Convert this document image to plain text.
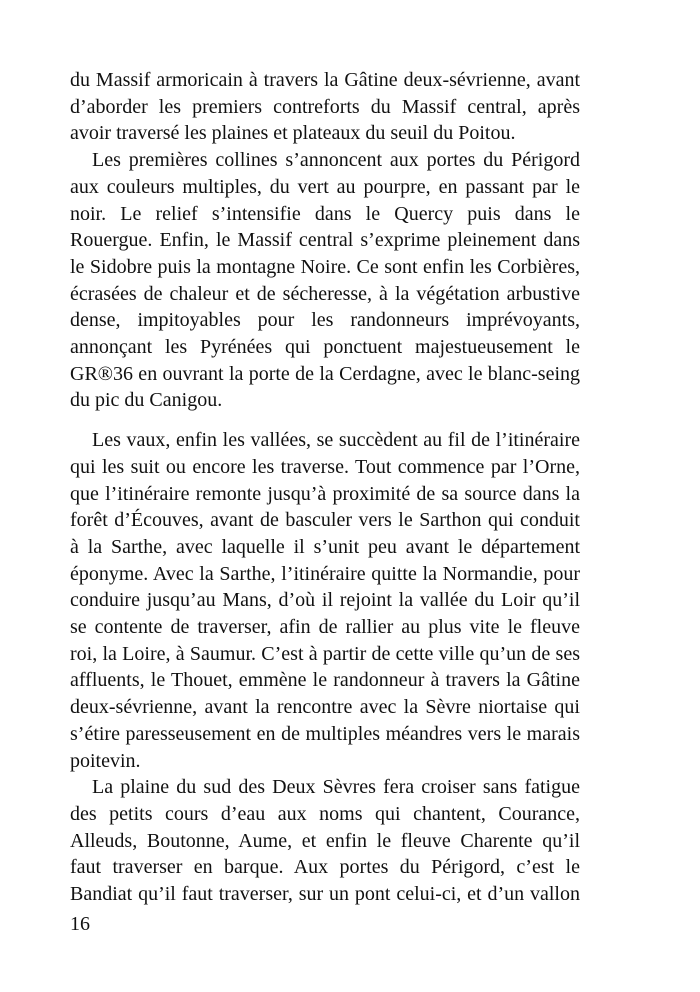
du Massif armoricain à travers la Gâtine deux-sévrienne, avant
d’aborder les premiers contreforts du Massif central, après
avoir traversé les plaines et plateaux du seuil du Poitou.

Les premières collines s’annoncent aux portes du Périgord
aux couleurs multiples, du vert au pourpre, en passant par le
noir. Le relief s’intensifie dans le Quercy puis dans le
Rouergue. Enfin, le Massif central s’exprime pleinement dans
le Sidobre puis la montagne Noire. Ce sont enfin les Corbières,
écrasées de chaleur et de sécheresse, à la végétation arbustive
dense, impitoyables pour les randonneurs imprévoyants,
annonçant les Pyrénées qui ponctuent majestueusement le
GR®36 en ouvrant la porte de la Cerdagne, avec le blanc-seing
du pic du Canigou.

Les vaux, enfin les vallées, se succèdent au fil de l’itinéraire
qui les suit ou encore les traverse. Tout commence par l’Orne,
que l’itinéraire remonte jusqu’à proximité de sa source dans la
forêt d’Écouves, avant de basculer vers le Sarthon qui conduit
à la Sarthe, avec laquelle il s’unit peu avant le département
éponyme. Avec la Sarthe, l’itinéraire quitte la Normandie, pour
conduire jusqu’au Mans, d’où il rejoint la vallée du Loir qu’il
se contente de traverser, afin de rallier au plus vite le fleuve
roi, la Loire, à Saumur. C’est à partir de cette ville qu’un de ses
affluents, le Thouet, emmène le randonneur à travers la Gâtine
deux-sévrienne, avant la rencontre avec la Sèvre niortaise qui
s’étire paresseusement en de multiples méandres vers le marais
poitevin.

La plaine du sud des Deux Sèvres fera croiser sans fatigue
des petits cours d’eau aux noms qui chantent, Courance,
Alleuds, Boutonne, Aume, et enfin le fleuve Charente qu’il
faut traverser en barque. Aux portes du Périgord, c’est le
Bandiat qu’il faut traverser, sur un pont celui-ci, et d’un vallon

16
